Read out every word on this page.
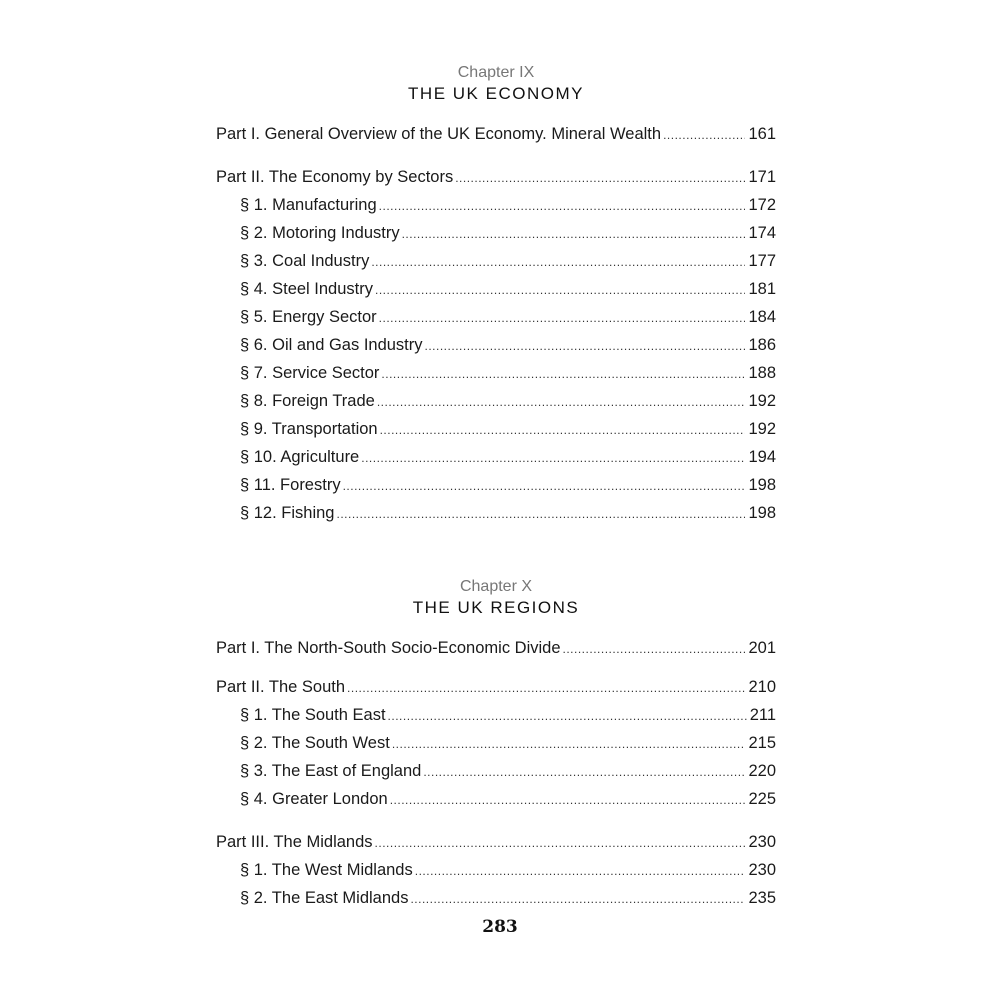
Chapter IX
THE UK ECONOMY
Part I. General Overview of the UK Economy. Mineral Wealth .....	161
Part II. The Economy by Sectors .....	171
§ 1. Manufacturing .....	172
§ 2. Motoring Industry .....	174
§ 3. Coal Industry .....	177
§ 4. Steel Industry .....	181
§ 5. Energy Sector .....	184
§ 6. Oil and Gas Industry .....	186
§ 7. Service Sector .....	188
§ 8. Foreign Trade .....	192
§ 9. Transportation .....	192
§ 10. Agriculture .....	194
§ 11. Forestry .....	198
§ 12. Fishing .....	198
Chapter X
THE UK REGIONS
Part I. The North-South Socio-Economic Divide .....	201
Part II. The South .....	210
§ 1. The South East .....	211
§ 2. The South West .....	215
§ 3. The East of England .....	220
§ 4. Greater London .....	225
Part III. The Midlands .....	230
§ 1. The West Midlands .....	230
§ 2. The East Midlands .....	235
283
